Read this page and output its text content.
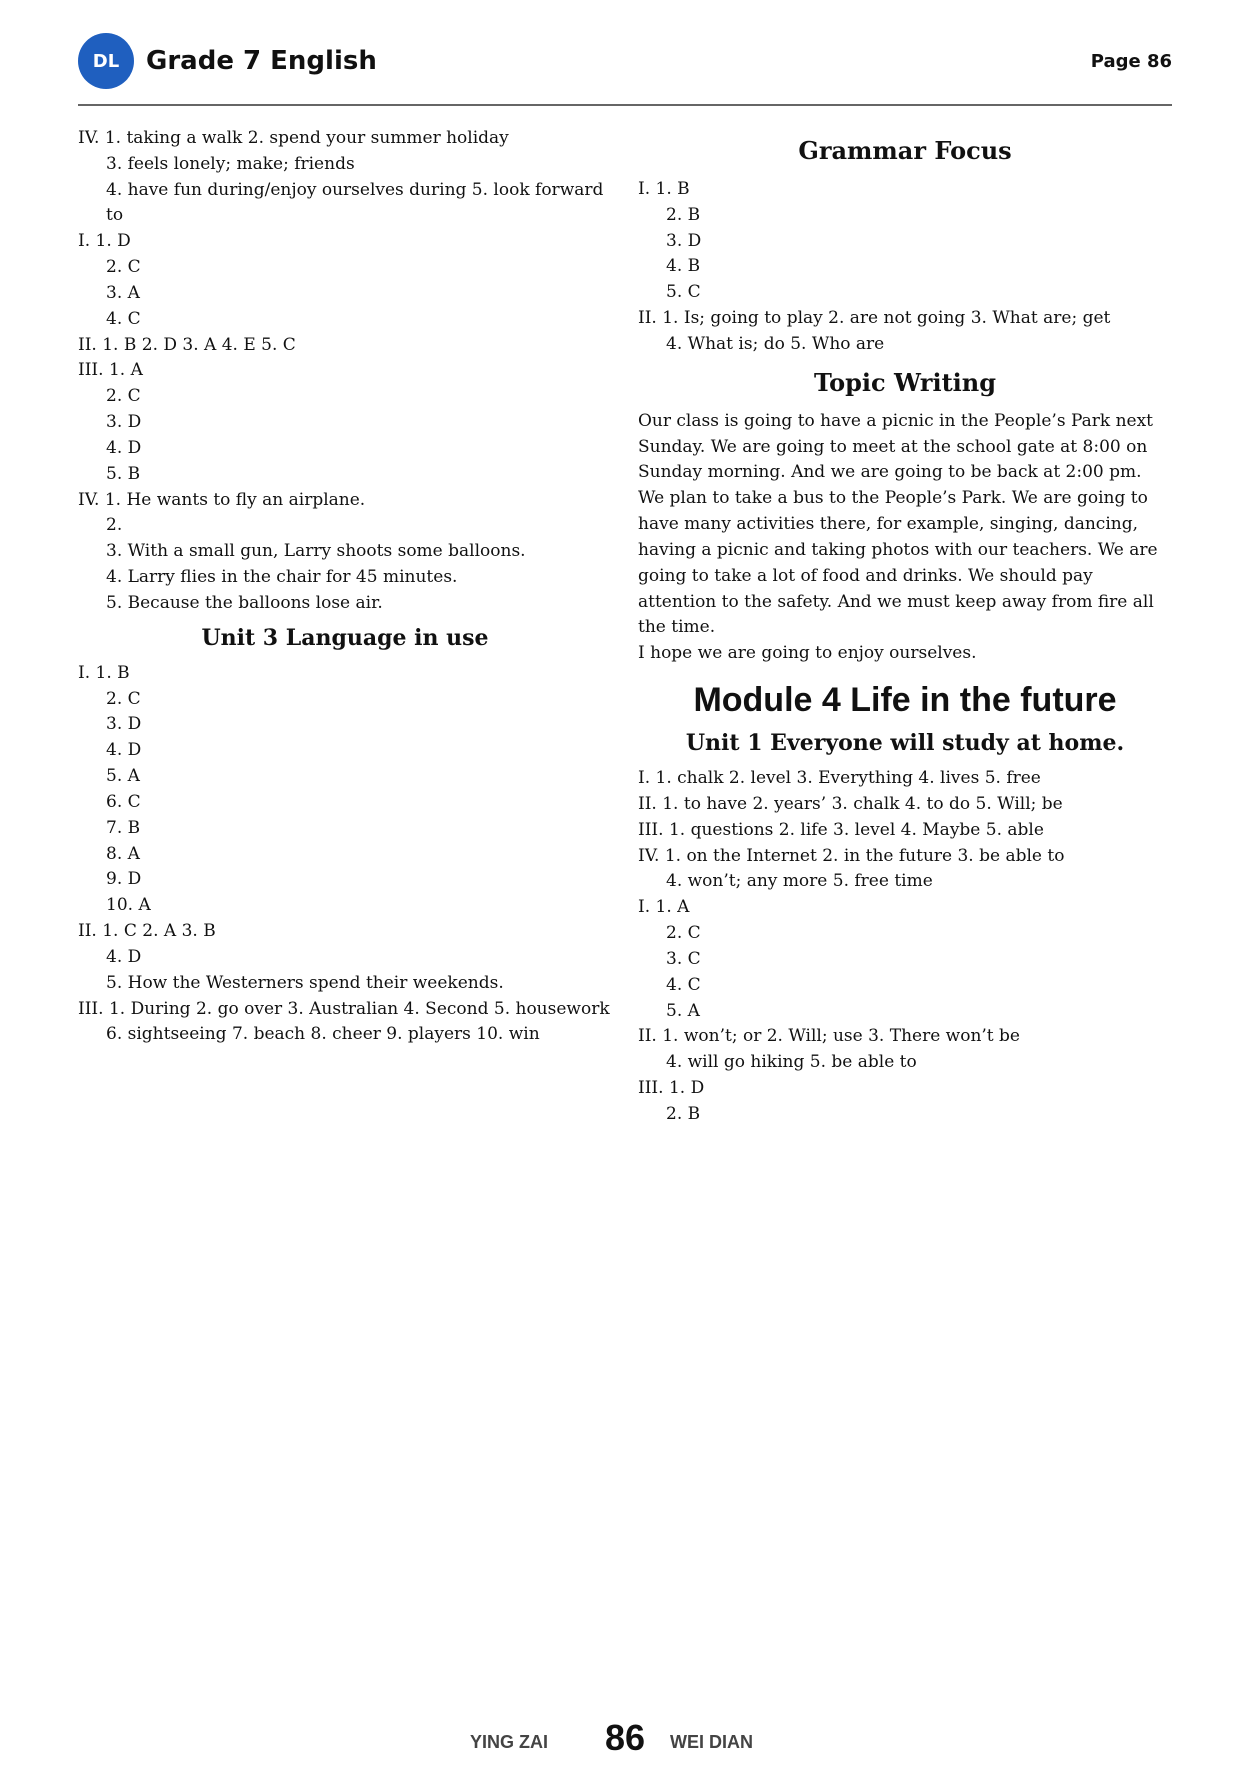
DL	Grade 7 English	Page 86

IV. 1. taking a walk 2. spend your summer holiday

3. feels lonely; make; friends

4. have fun during/enjoy ourselves during 5. look forward to

I. 1. D

2. C

3. A

4. C

II. 1. B 2. D 3. A 4. E 5. C

III. 1. A

2. C

3. D

4. D

5. B

IV. 1. He wants to fly an airplane.

2.

3. With a small gun, Larry shoots some balloons.

4. Larry flies in the chair for 45 minutes.

5. Because the balloons lose air.

Unit 3 Language in use

I. 1. B

2. C

3. D

4. D

5. A

6. C

7. B

8. A

9. D

10. A

II. 1. C 2. A 3. B

4. D

5. How the Westerners spend their weekends.

III. 1. During 2. go over 3. Australian 4. Second 5. housework

6. sightseeing 7. beach 8. cheer 9. players 10. win

Grammar Focus

I. 1. B

2. B

3. D

4. B

5. C

II. 1. Is; going to play 2. are not going 3. What are; get

4. What is; do 5. Who are

Topic Writing

Our class is going to have a picnic in the People’s Park next Sunday. We are going to meet at the school gate at 8:00 on Sunday morning. And we are going to be back at 2:00 pm.

We plan to take a bus to the People’s Park. We are going to have many activities there, for example, singing, dancing, having a picnic and taking photos with our teachers. We are going to take a lot of food and drinks. We should pay attention to the safety. And we must keep away from fire all the time.

I hope we are going to enjoy ourselves.

Module 4 Life in the future
Unit 1 Everyone will study at home.

I. 1. chalk 2. level 3. Everything 4. lives 5. free

II. 1. to have 2. years’ 3. chalk 4. to do 5. Will; be

III. 1. questions 2. life 3. level 4. Maybe 5. able

IV. 1. on the Internet 2. in the future 3. be able to

4. won’t; any more 5. free time

I. 1. A

2. C

3. C

4. C

5. A

II. 1. won’t; or 2. Will; use 3. There won’t be

4. will go hiking 5. be able to

III. 1. D

2. B

YING ZAI	86	WEI DIAN
